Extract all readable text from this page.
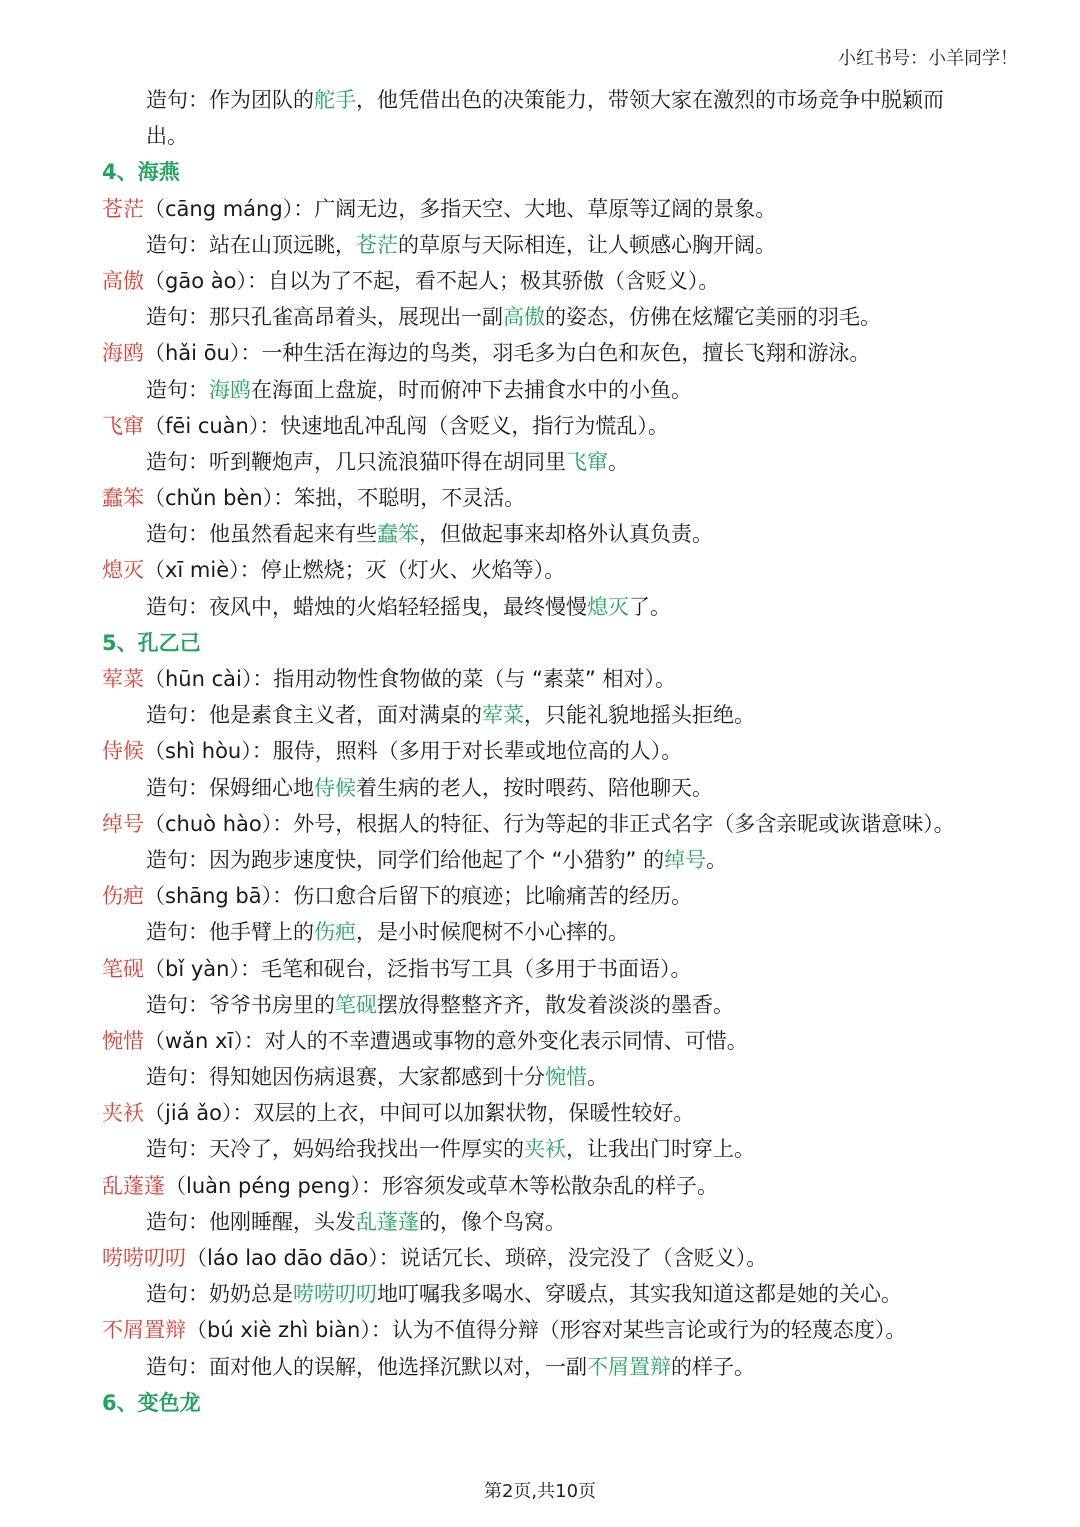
小红书号：小羊同学！
造句：作为团队的舵手，他凭借出色的决策能力，带领大家在激烈的市场竞争中脱颖而
出。
4、海燕
苍茫（cāng máng）：广阔无边，多指天空、大地、草原等辽阔的景象。
造句：站在山顶远眺，苍茫的草原与天际相连，让人顿感心胸开阔。
高傲（gāo ào）：自以为了不起，看不起人；极其骄傲（含贬义）。
造句：那只孔雀高昂着头，展现出一副高傲的姿态，仿佛在炫耀它美丽的羽毛。
海鸥（hǎi ōu）：一种生活在海边的鸟类，羽毛多为白色和灰色，擅长飞翔和游泳。
造句：海鸥在海面上盘旋，时而俯冲下去捕食水中的小鱼。
飞窜（fēi cuàn）：快速地乱冲乱闯（含贬义，指行为慌乱）。
造句：听到鞭炮声，几只流浪猫吓得在胡同里飞窜。
蠢笨（chǔn bèn）：笨拙，不聪明，不灵活。
造句：他虽然看起来有些蠢笨，但做起事来却格外认真负责。
熄灭（xī miè）：停止燃烧；灭（灯火、火焰等）。
造句：夜风中，蜡烛的火焰轻轻摇曳，最终慢慢熄灭了。
5、孔乙己
荤菜（hūn cài）：指用动物性食物做的菜（与 “素菜” 相对）。
造句：他是素食主义者，面对满桌的荤菜，只能礼貌地摇头拒绝。
侍候（shì hòu）：服侍，照料（多用于对长辈或地位高的人）。
造句：保姆细心地侍候着生病的老人，按时喂药、陪他聊天。
绰号（chuò hào）：外号，根据人的特征、行为等起的非正式名字（多含亲昵或诙谐意味）。
造句：因为跑步速度快，同学们给他起了个 “小猎豹” 的绰号。
伤疤（shāng bā）：伤口愈合后留下的痕迹；比喻痛苦的经历。
造句：他手臂上的伤疤，是小时候爬树不小心摔的。
笔砚（bǐ yàn）：毛笔和砚台，泛指书写工具（多用于书面语）。
造句：爷爷书房里的笔砚摆放得整整齐齐，散发着淡淡的墨香。
惋惜（wǎn xī）：对人的不幸遭遇或事物的意外变化表示同情、可惜。
造句：得知她因伤病退赛，大家都感到十分惋惜。
夹袄（jiá ǎo）：双层的上衣，中间可以加絮状物，保暖性较好。
造句：天冷了，妈妈给我找出一件厚实的夹袄，让我出门时穿上。
乱蓬蓬（luàn péng peng）：形容须发或草木等松散杂乱的样子。
造句：他刚睡醒，头发乱蓬蓬的，像个鸟窝。
唠唠叨叨（láo lao dāo dāo）：说话冗长、琐碎，没完没了（含贬义）。
造句：奶奶总是唠唠叨叨地叮嘱我多喝水、穿暖点，其实我知道这都是她的关心。
不屑置辩（bú xiè zhì biàn）：认为不值得分辩（形容对某些言论或行为的轻蔑态度）。
造句：面对他人的误解，他选择沉默以对，一副不屑置辩的样子。
6、变色龙
第2页,共10页
